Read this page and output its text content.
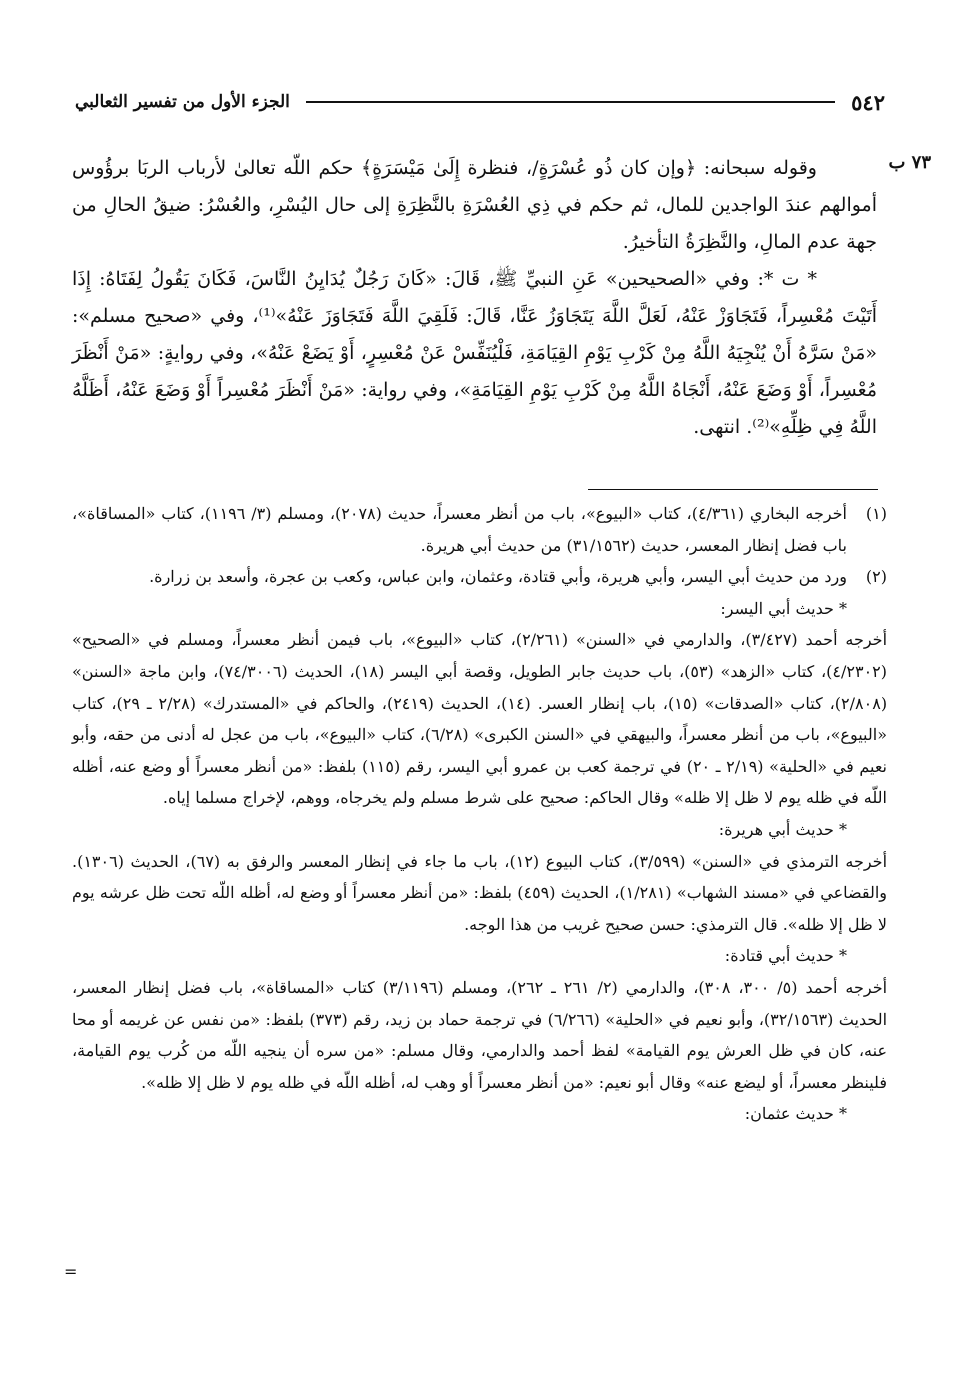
٥٤٢
الجزء الأول من تفسير الثعالبي
٧٣ ب

وقوله سبحانه: ﴿وإن كان ذُو عُسْرَةٍ/، فنظرة إِلَىٰ مَيْسَرَةٍ﴾ حكم اللّه تعالىٰ لأرباب الربَا برؤُوس أموالهم عندَ الواجدين للمال، ثم حكم في ذِي العُسْرَةِ بالنَّظِرَةِ إلى حال اليُسْرِ، والعُسْرُ: ضيقُ الحالِ من جهة عدم المالِ، والنَّظِرَةُ التأخيرُ.

* ت *: وفي «الصحيحين» عَنِ النبيِّ ﷺ، قَالَ: «كَانَ رَجُلٌ يُدَايِنُ النَّاسَ، فَكَانَ يَقُولُ لِفَتَاهُ: إِذَا أَتَيْتَ مُعْسِراً، فَتَجَاوَزْ عَنْهُ، لَعَلَّ اللَّهَ يَتَجَاوَزُ عَنَّا، قَالَ: فَلَقِيَ اللَّهَ فَتَجَاوَزَ عَنْهُ»⁽¹⁾، وفي «صحيح مسلم»: «مَنْ سَرَّهُ أَنْ يُنْجِيَهُ اللَّهُ مِنْ كَرْبِ يَوْمِ القِيَامَةِ، فَلْيُنَفِّسْ عَنْ مُعْسِرٍ، أَوْ يَضَعْ عَنْهُ»، وفي روايةٍ: «مَنْ أَنْظَرَ مُعْسِراً، أَوْ وَضَعَ عَنْهُ، أَنْجَاهُ اللَّهُ مِنْ كَرْبِ يَوْمِ القِيَامَةِ»، وفي رواية: «مَنْ أَنْظَرَ مُعْسِراً أَوْ وَضَعَ عَنْهُ، أَظَلَّهُ اللَّهُ فِي ظِلِّهِ»⁽²⁾. انتهى.

(١)
أخرجه البخاري (٤/٣٦١)، كتاب «البيوع»، باب من أنظر معسراً، حديث (٢٠٧٨)، ومسلم (٣/ ١١٩٦)، كتاب «المساقاة»، باب فضل إنظار المعسر، حديث (٣١/١٥٦٢) من حديث أبي هريرة.
(٢)
ورد من حديث أبي اليسر، وأبي هريرة، وأبي قتادة، وعثمان، وابن عباس، وكعب بن عجرة، وأسعد بن زرارة.

* حديث أبي اليسر:

أخرجه أحمد (٣/٤٢٧)، والدارمي في «السنن» (٢/٢٦١)، كتاب «البيوع»، باب فيمن أنظر معسراً، ومسلم في «الصحيح» (٤/٢٣٠٢)، كتاب «الزهد» (٥٣)، باب حديث جابر الطويل، وقصة أبي اليسر (١٨)، الحديث (٧٤/٣٠٠٦)، وابن ماجة «السنن» (٢/٨٠٨)، كتاب «الصدقات» (١٥)، باب إنظار العسر. (١٤)، الحديث (٢٤١٩)، والحاكم في «المستدرك» (٢/٢٨ ـ ٢٩)، كتاب «البيوع»، باب من أنظر معسراً، والبيهقي في «السنن الكبرى» (٦/٢٨)، كتاب «البيوع»، باب من عجل له أدنى من حقه، وأبو نعيم في «الحلية» (٢/١٩ ـ ٢٠) في ترجمة كعب بن عمرو أبي اليسر، رقم (١١٥) بلفظ: «من أنظر معسراً أو وضع عنه، أظله اللّه في ظله يوم لا ظل إلا ظله» وقال الحاكم: صحيح على شرط مسلم ولم يخرجاه، ووهم، لإخراج مسلما إياه.

* حديث أبي هريرة:

أخرجه الترمذي في «السنن» (٣/٥٩٩)، كتاب البيوع (١٢)، باب ما جاء في إنظار المعسر والرفق به (٦٧)، الحديث (١٣٠٦). والقضاعي في «مسند الشهاب» (١/٢٨١)، الحديث (٤٥٩) بلفظ: «من أنظر معسراً أو وضع له، أظله اللّه تحت ظل عرشه يوم لا ظل إلا ظله». قال الترمذي: حسن صحيح غريب من هذا الوجه.

* حديث أبي قتادة:

أخرجه أحمد (٥/ ٣٠٠، ٣٠٨)، والدارمي (٢/ ٢٦١ ـ ٢٦٢)، ومسلم (٣/١١٩٦) كتاب «المساقاة»، باب فضل إنظار المعسر، الحديث (٣٢/١٥٦٣)، وأبو نعيم في «الحلية» (٦/٢٦٦) في ترجمة حماد بن زيد، رقم (٣٧٣) بلفظ: «من نفس عن غريمه أو محا عنه، كان في ظل العرش يوم القيامة» لفظ أحمد والدارمي، وقال مسلم: «من سره أن ينجيه اللّه من كُرب يوم القيامة، فلينظر معسراً، أو ليضع عنه» وقال أبو نعيم: «من أنظر معسراً أو وهب له، أظله اللّه في ظله يوم لا ظل إلا ظله».

* حديث عثمان:

=
